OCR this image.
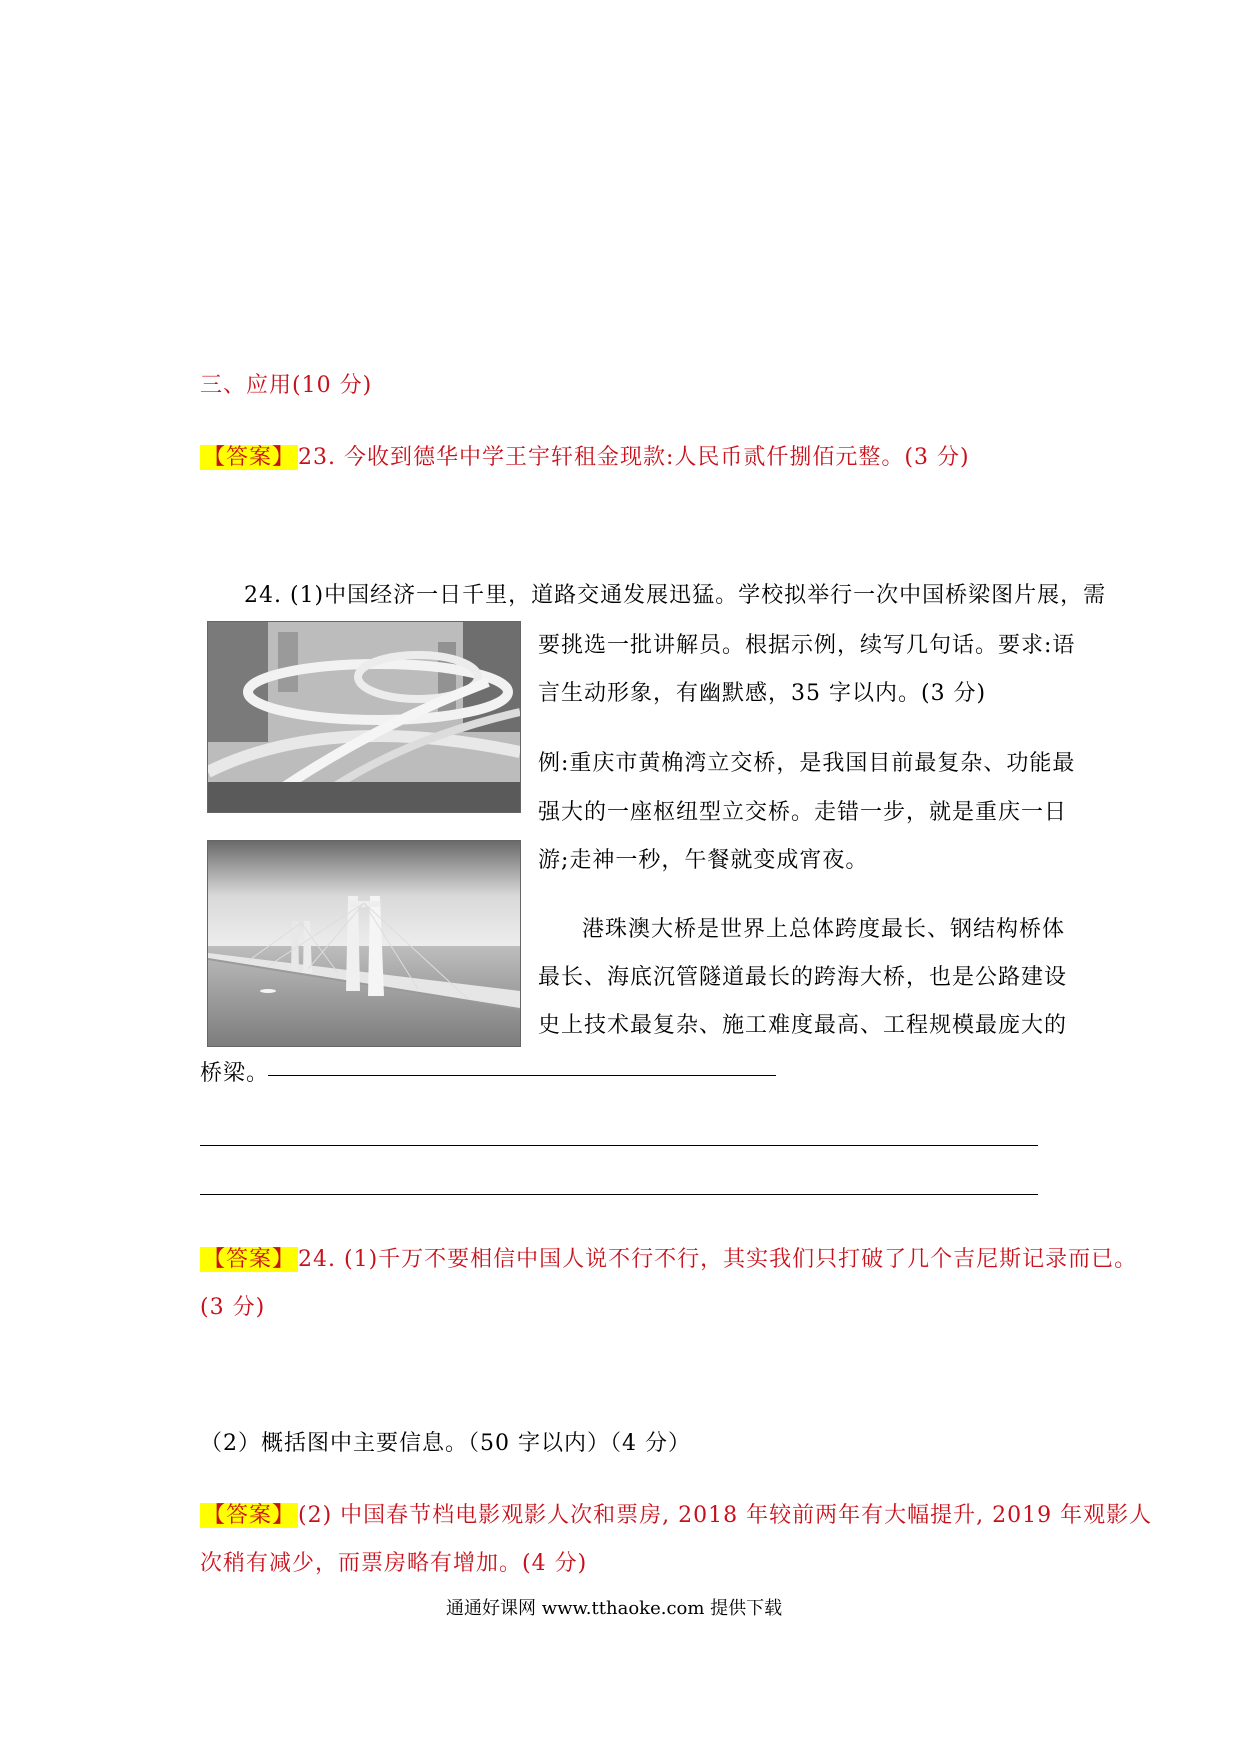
三、应用(10 分)
【答案】 23. 今收到德华中学王宇轩租金现款:人民币贰仟捌佰元整。(3 分)
24. (1)中国经济一日千里，道路交通发展迅猛。学校拟举行一次中国桥梁图片展，需
要挑选一批讲解员。根据示例，续写几句话。要求:语
言生动形象，有幽默感，35 字以内。(3 分)
例:重庆市黄桷湾立交桥，是我国目前最复杂、功能最
强大的一座枢纽型立交桥。走错一步，就是重庆一日
游;走神一秒，午餐就变成宵夜。
港珠澳大桥是世界上总体跨度最长、钢结构桥体
最长、海底沉管隧道最长的跨海大桥，也是公路建设
史上技术最复杂、施工难度最高、工程规模最庞大的
桥梁。
【答案】 24. (1)千万不要相信中国人说不行不行，其实我们只打破了几个吉尼斯记录而已。
(3 分)
（2）概括图中主要信息。（50 字以内）（4 分）
【答案】 (2) 中国春节档电影观影人次和票房, 2018 年较前两年有大幅提升, 2019 年观影人
次稍有减少，而票房略有增加。(4 分)
通通好课网 www.tthaoke.com 提供下载
